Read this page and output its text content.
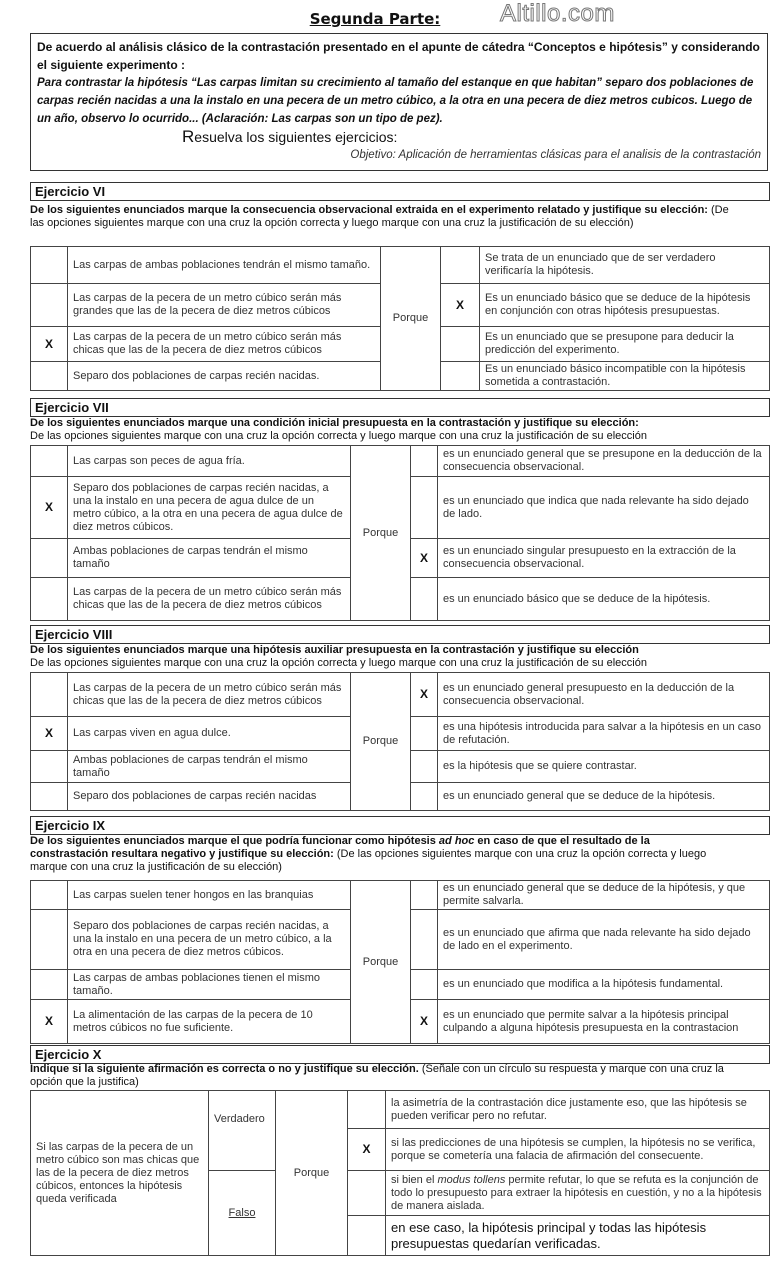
Segunda Parte:	Altillo.com
De acuerdo al análisis clásico de la contrastación presentado en el apunte de cátedra “Conceptos e hipótesis” y considerando el siguiente experimento :
Para contrastar la hipótesis “Las carpas limitan su crecimiento al tamaño del estanque en que habitan” separo dos poblaciones de carpas recién nacidas a una la instalo en una pecera de un metro cúbico, a la otra en una pecera de diez metros cubicos. Luego de un año, observo lo ocurrido... (Aclaración: Las carpas son un tipo de pez).
Resuelva los siguientes ejercicios:
Objetivo: Aplicación de herramientas clásicas para el analisis de la contrastación
Ejercicio VI
De los siguientes enunciados marque la consecuencia observacional extraida en el experimento relatado y justifique su elección: (De las opciones siguientes marque con una cruz la opción correcta y luego marque con una cruz la justificación de su elección)
	Las carpas de ambas poblaciones tendrán el mismo tamaño.	Porque		Se trata de un enunciado que de ser verdadero verificaría la hipótesis.
	Las carpas de la pecera de un metro cúbico serán más grandes que las de la pecera de diez metros cúbicos		X	Es un enunciado básico que se deduce de la hipótesis en conjunción con otras hipótesis presupuestas.
X	Las carpas de la pecera de un metro cúbico serán más chicas que las de la pecera de diez metros cúbicos			Es un enunciado que se presupone para deducir la predicción del experimento.
	Separo dos poblaciones de carpas recién nacidas.			Es un enunciado básico incompatible con la hipótesis sometida a contrastación.
Ejercicio VII
De los siguientes enunciados marque una condición inicial presupuesta en la contrastación y justifique su elección:
De las opciones siguientes marque con una cruz la opción correcta y luego marque con una cruz la justificación de su elección
	Las carpas son peces de agua fría.	Porque		es un enunciado general que se presupone en la deducción de la consecuencia observacional.
X	Separo dos poblaciones de carpas recién nacidas, a una la instalo en una pecera de agua dulce de un metro cúbico, a la otra en una pecera de agua dulce de diez metros cúbicos.			es un enunciado que indica que nada relevante ha sido dejado de lado.
	Ambas poblaciones de carpas tendrán el mismo tamaño		X	es un enunciado singular presupuesto en la extracción de la consecuencia observacional.
	Las carpas de la pecera de un metro cúbico serán más chicas que las de la pecera de diez metros cúbicos			es un enunciado básico que se deduce de la hipótesis.
Ejercicio VIII
De los siguientes enunciados marque una hipótesis auxiliar presupuesta en la contrastación y justifique su elección
De las opciones siguientes marque con una cruz la opción correcta y luego marque con una cruz la justificación de su elección
	Las carpas de la pecera de un metro cúbico serán más chicas que las de la pecera de diez metros cúbicos	Porque	X	es un enunciado general presupuesto en la deducción de la consecuencia observacional.
X	Las carpas viven en agua dulce.			es una hipótesis introducida para salvar a la hipótesis en un caso de refutación.
	Ambas poblaciones de carpas tendrán el mismo tamaño			es la hipótesis que se quiere contrastar.
	Separo dos poblaciones de carpas recién nacidas			es un enunciado general que se deduce de la hipótesis.
Ejercicio IX
De los siguientes enunciados marque el que podría funcionar como hipótesis ad hoc en caso de que el resultado de la constrastación resultara negativo y justifique su elección: (De las opciones siguientes marque con una cruz la opción correcta y luego marque con una cruz la justificación de su elección)
	Las carpas suelen tener hongos en las branquias	Porque		es un enunciado general que se deduce de la hipótesis, y que permite salvarla.
	Separo dos poblaciones de carpas recién nacidas, a una la instalo en una pecera de un metro cúbico, a la otra en una pecera de diez metros cúbicos.			es un enunciado que afirma que nada relevante ha sido dejado de lado en el experimento.
	Las carpas de ambas poblaciones tienen el mismo tamaño.			es un enunciado que modifica a la hipótesis fundamental.
X	La alimentación de las carpas de la pecera de 10 metros cúbicos no fue suficiente.		X	es un enunciado que permite salvar a la hipótesis principal culpando a alguna hipótesis presupuesta en la contrastacion
Ejercicio X
Indique si la siguiente afirmación es correcta o no y justifique su elección. (Señale con un círculo su respuesta y marque con una cruz la opción que la justifica)
Si las carpas de la pecera de un metro cúbico son mas chicas que las de la pecera de diez metros cúbicos, entonces la hipótesis queda verificada	Verdadero	Porque		la asimetría de la contrastación dice justamente eso, que las hipótesis se pueden verificar pero no refutar.
			X	si las predicciones de una hipótesis se cumplen, la hipótesis no se verifica, porque se cometería una falacia de afirmación del consecuente.
	Falso			si bien el modus tollens permite refutar, lo que se refuta es la conjunción de todo lo presupuesto para extraer la hipótesis en cuestión, y no a la hipótesis de manera aislada.
				en ese caso, la hipótesis principal y todas las hipótesis presupuestas quedarían verificadas.
